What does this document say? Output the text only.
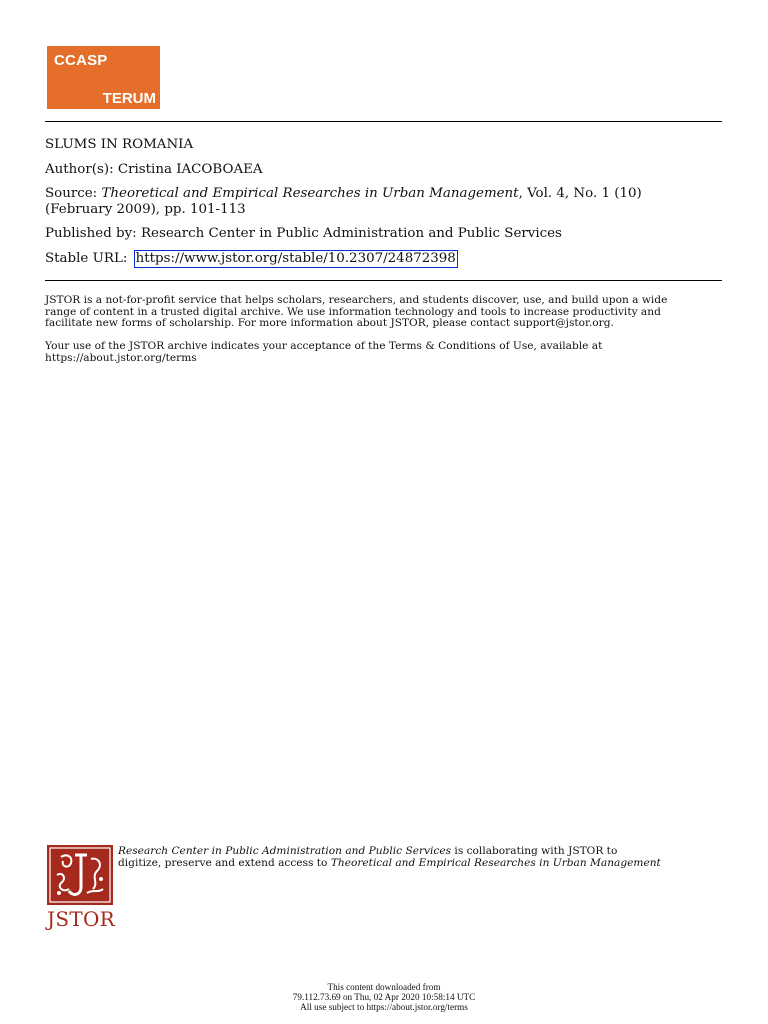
CCASP
TERUM
SLUMS IN ROMANIA
Author(s): Cristina IACOBOAEA
Source: Theoretical and Empirical Researches in Urban Management, Vol. 4, No. 1 (10)
(February 2009), pp. 101-113
Published by: Research Center in Public Administration and Public Services
Stable URL: https://www.jstor.org/stable/10.2307/24872398
JSTOR is a not-for-profit service that helps scholars, researchers, and students discover, use, and build upon a wide
range of content in a trusted digital archive. We use information technology and tools to increase productivity and
facilitate new forms of scholarship. For more information about JSTOR, please contact support@jstor.org.
Your use of the JSTOR archive indicates your acceptance of the Terms & Conditions of Use, available at
https://about.jstor.org/terms
JSTOR
Research Center in Public Administration and Public Services is collaborating with JSTOR to
digitize, preserve and extend access to Theoretical and Empirical Researches in Urban Management
This content downloaded from
79.112.73.69 on Thu, 02 Apr 2020 10:58:14 UTC
All use subject to https://about.jstor.org/terms
